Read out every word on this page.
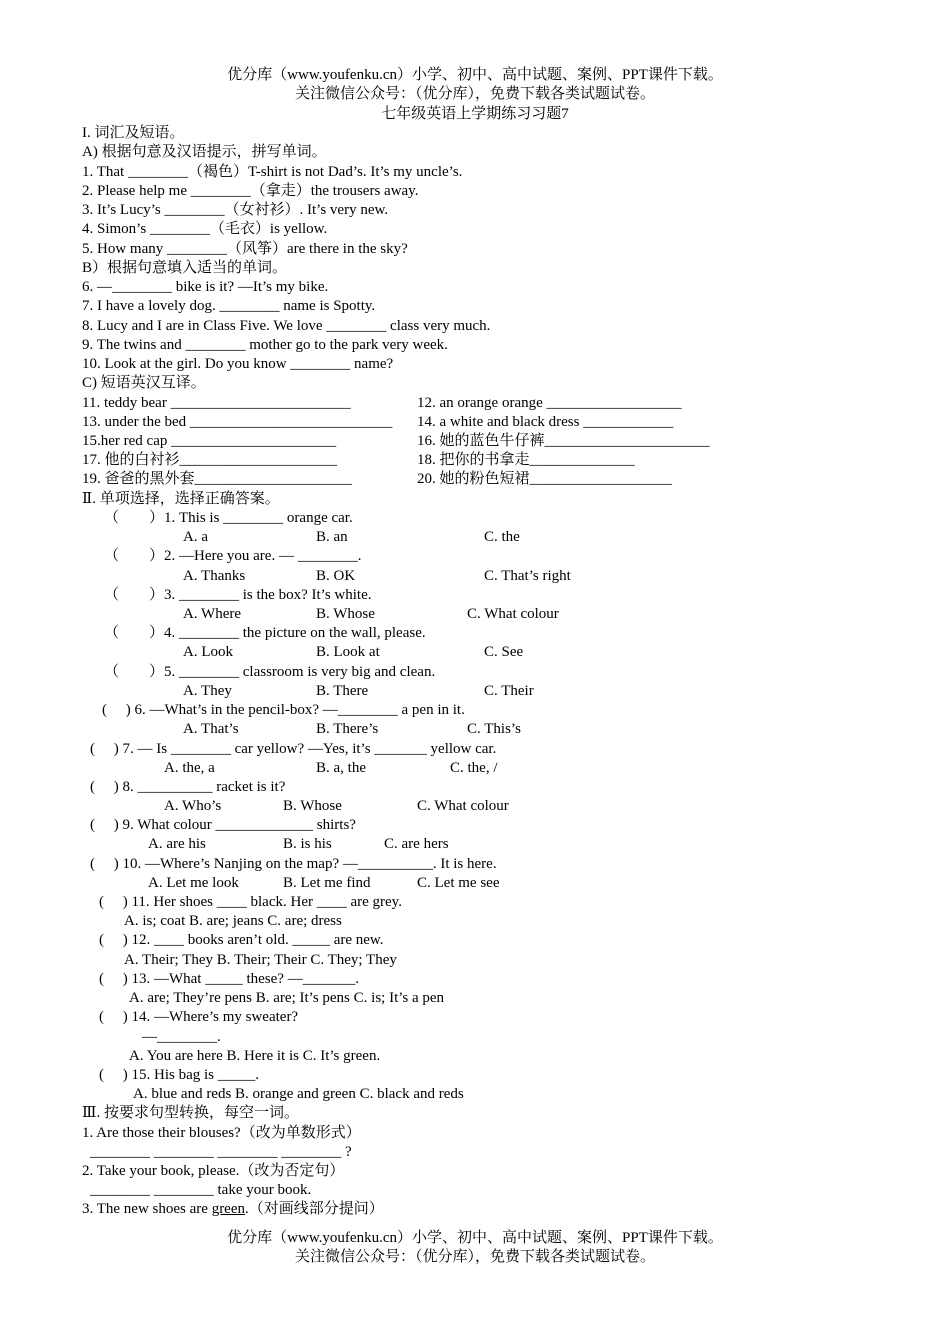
优分库（www.youfenku.cn）小学、初中、高中试题、案例、PPT课件下载。
关注微信公众号：（优分库），免费下载各类试题试卷。
七年级英语上学期练习习题7
I. 词汇及短语。
A) 根据句意及汉语提示，拼写单词。
1. That ________（褐色）T-shirt is not Dad’s. It’s my uncle’s.
2. Please help me ________（拿走）the trousers away.
3. It’s Lucy’s ________（女衬衫）. It’s very new.
4. Simon’s ________（毛衣）is yellow.
5. How many ________（风筝）are there in the sky?
B）根据句意填入适当的单词。
6. —________ bike is it? —It’s my bike.
7. I have a lovely dog. ________ name is Spotty.
8. Lucy and I are in Class Five. We love ________ class very much.
9. The twins and ________ mother go to the park very week.
10. Look at the girl. Do you know ________ name?
C) 短语英汉互译。
11. teddy bear ________________________	12. an orange orange __________________
13. under the bed ___________________________ 14. a white and black dress ____________
15.her red cap ______________________	16. 她的蓝色牛仔裤______________________
17. 他的白衬衫_____________________	18. 把你的书拿走______________
19. 爸爸的黑外套_____________________	20. 她的粉色短裙___________________
Ⅱ. 单项选择，选择正确答案。
（　　）1. This is ________ orange car.
A. a	B. an	C. the
（　　）2. —Here you are. — ________.
A. Thanks	B. OK	C. That’s right
（　　）3. ________ is the box? It’s white.
A. Where	B. Whose	C. What colour
（　　）4. ________ the picture on the wall, please.
A. Look	B. Look at	C. See
（　　）5. ________ classroom is very big and clean.
A. They	B. There	C. Their
(　 ) 6. —What’s in the pencil-box? —________ a pen in it.
A. That’s	B. There’s	C. This’s
(　 ) 7. — Is ________ car yellow? —Yes, it’s _______ yellow car.
A. the, a	B. a, the	C. the, /
(　 ) 8. __________ racket is it?
A. Who’s	B. Whose	C. What colour
(　 ) 9. What colour _____________ shirts?
A. are his	B. is his	C. are hers
(　 ) 10. —Where’s Nanjing on the map? —__________. It is here.
A. Let me look	B. Let me find	C. Let me see
(　 ) 11. Her shoes ____ black. Her ____ are grey.
A. is; coat B. are; jeans C. are; dress
(　 ) 12. ____ books aren’t old. _____ are new.
A. Their; They B. Their; Their C. They; They
(　 ) 13. —What _____ these? —_______.
A. are; They’re pens B. are; It’s pens C. is; It’s a pen
(　 ) 14. —Where’s my sweater?
—________.
A. You are here B. Here it is C. It’s green.
(　 ) 15. His bag is _____.
A. blue and reds B. orange and green C. black and reds
Ⅲ. 按要求句型转换，每空一词。
1. Are those their blouses?（改为单数形式）
________ ________ ________ ________ ?
2. Take your book, please.（改为否定句）
________ ________ take your book.
3. The new shoes are green.（对画线部分提问）
优分库（www.youfenku.cn）小学、初中、高中试题、案例、PPT课件下载。
关注微信公众号：（优分库），免费下载各类试题试卷。
